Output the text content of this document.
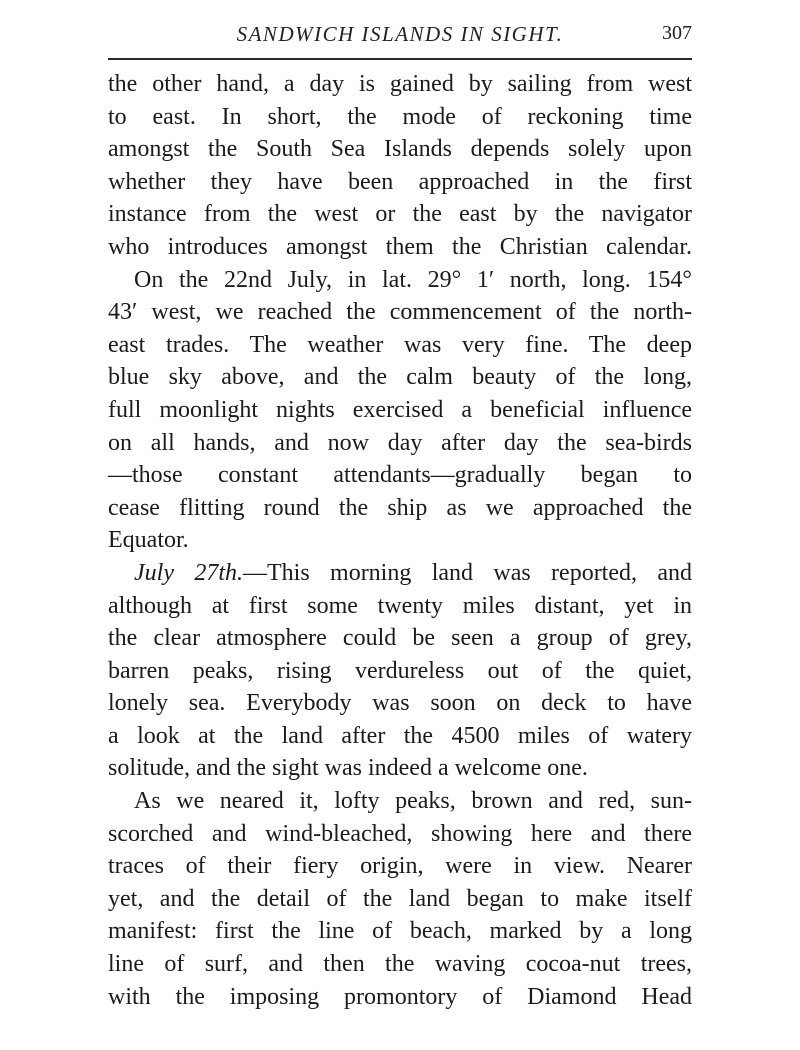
SANDWICH ISLANDS IN SIGHT.	307
the other hand, a day is gained by sailing from west
to east. In short, the mode of reckoning time
amongst the South Sea Islands depends solely upon
whether they have been approached in the first
instance from the west or the east by the navigator
who introduces amongst them the Christian calendar.
On the 22nd July, in lat. 29° 1′ north, long. 154°
43′ west, we reached the commencement of the north-
east trades. The weather was very fine. The deep
blue sky above, and the calm beauty of the long,
full moonlight nights exercised a beneficial influence
on all hands, and now day after day the sea-birds
—those constant attendants—gradually began to
cease flitting round the ship as we approached the
Equator.
July 27th.—This morning land was reported, and
although at first some twenty miles distant, yet in
the clear atmosphere could be seen a group of grey,
barren peaks, rising verdureless out of the quiet,
lonely sea. Everybody was soon on deck to have
a look at the land after the 4500 miles of watery
solitude, and the sight was indeed a welcome one.
As we neared it, lofty peaks, brown and red, sun-
scorched and wind-bleached, showing here and there
traces of their fiery origin, were in view. Nearer
yet, and the detail of the land began to make itself
manifest: first the line of beach, marked by a long
line of surf, and then the waving cocoa-nut trees,
with the imposing promontory of Diamond Head
